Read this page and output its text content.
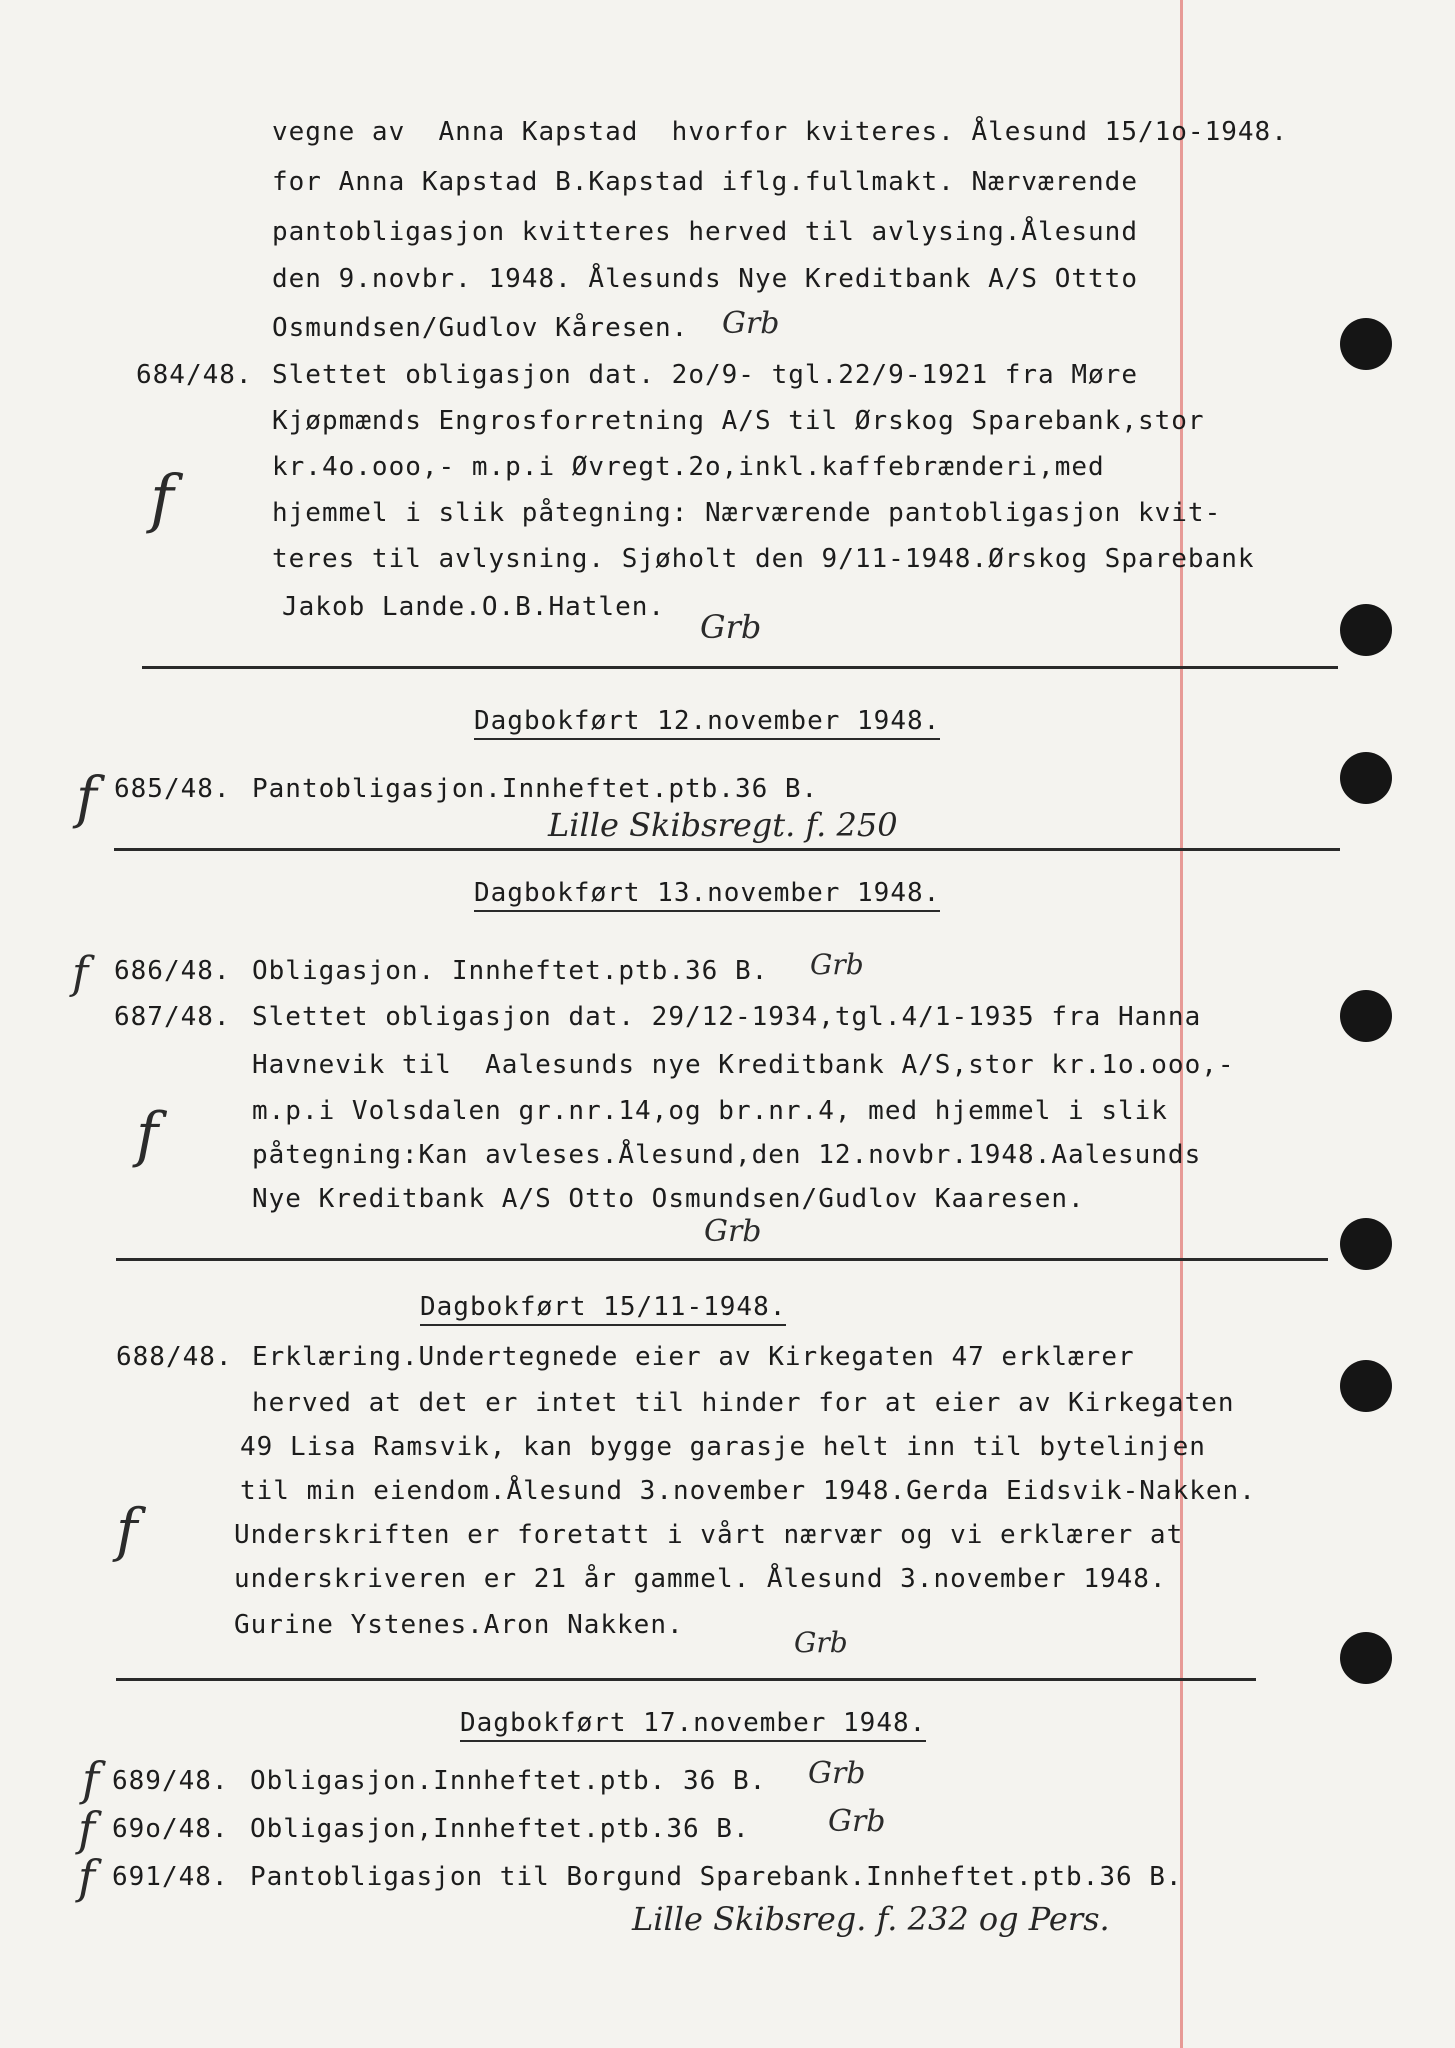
vegne av  Anna Kapstad  hvorfor kviteres. Ålesund 15/1o-1948.
for Anna Kapstad B.Kapstad iflg.fullmakt. Nærværende
pantobligasjon kvitteres herved til avlysing.Ålesund
den 9.novbr. 1948. Ålesunds Nye Kreditbank A/S Ottto
Osmundsen/Gudlov Kåresen. Grb
684/48. Slettet obligasjon dat. 2o/9- tgl.22/9-1921 fra Møre
Kjøpmænds Engrosforretning A/S til Ørskog Sparebank,stor
kr.4o.ooo,- m.p.i Øvregt.2o,inkl.kaffebrænderi,med
hjemmel i slik påtegning: Nærværende pantobligasjon kvit-
teres til avlysning. Sjøholt den 9/11-1948.Ørskog Sparebank
Jakob Lande.O.B.Hatlen.
f
Grb
Dagbokført 12.november 1948.
f 685/48. Pantobligasjon.Innheftet.ptb.36 B.
Lille Skibsregt. f. 250
Dagbokført 13.november 1948.
f 686/48. Obligasjon. Innheftet.ptb.36 B. Grb
687/48. Slettet obligasjon dat. 29/12-1934,tgl.4/1-1935 fra Hanna
Havnevik til  Aalesunds nye Kreditbank A/S,stor kr.1o.ooo,-
m.p.i Volsdalen gr.nr.14,og br.nr.4, med hjemmel i slik
påtegning:Kan avleses.Ålesund,den 12.novbr.1948.Aalesunds
Nye Kreditbank A/S Otto Osmundsen/Gudlov Kaaresen.
f
Grb
Dagbokført 15/11-1948.
688/48. Erklæring.Undertegnede eier av Kirkegaten 47 erklærer
herved at det er intet til hinder for at eier av Kirkegaten
49 Lisa Ramsvik, kan bygge garasje helt inn til bytelinjen
til min eiendom.Ålesund 3.november 1948.Gerda Eidsvik-Nakken.
Underskriften er foretatt i vårt nærvær og vi erklærer at
underskriveren er 21 år gammel. Ålesund 3.november 1948.
Gurine Ystenes.Aron Nakken.
f
Grb
Dagbokført 17.november 1948.
f 689/48. Obligasjon.Innheftet.ptb. 36 B. Grb
f 69o/48. Obligasjon,Innheftet.ptb.36 B.	Grb
f 691/48. Pantobligasjon til Borgund Sparebank.Innheftet.ptb.36 B.
Lille Skibsreg. f. 232 og Pers.
